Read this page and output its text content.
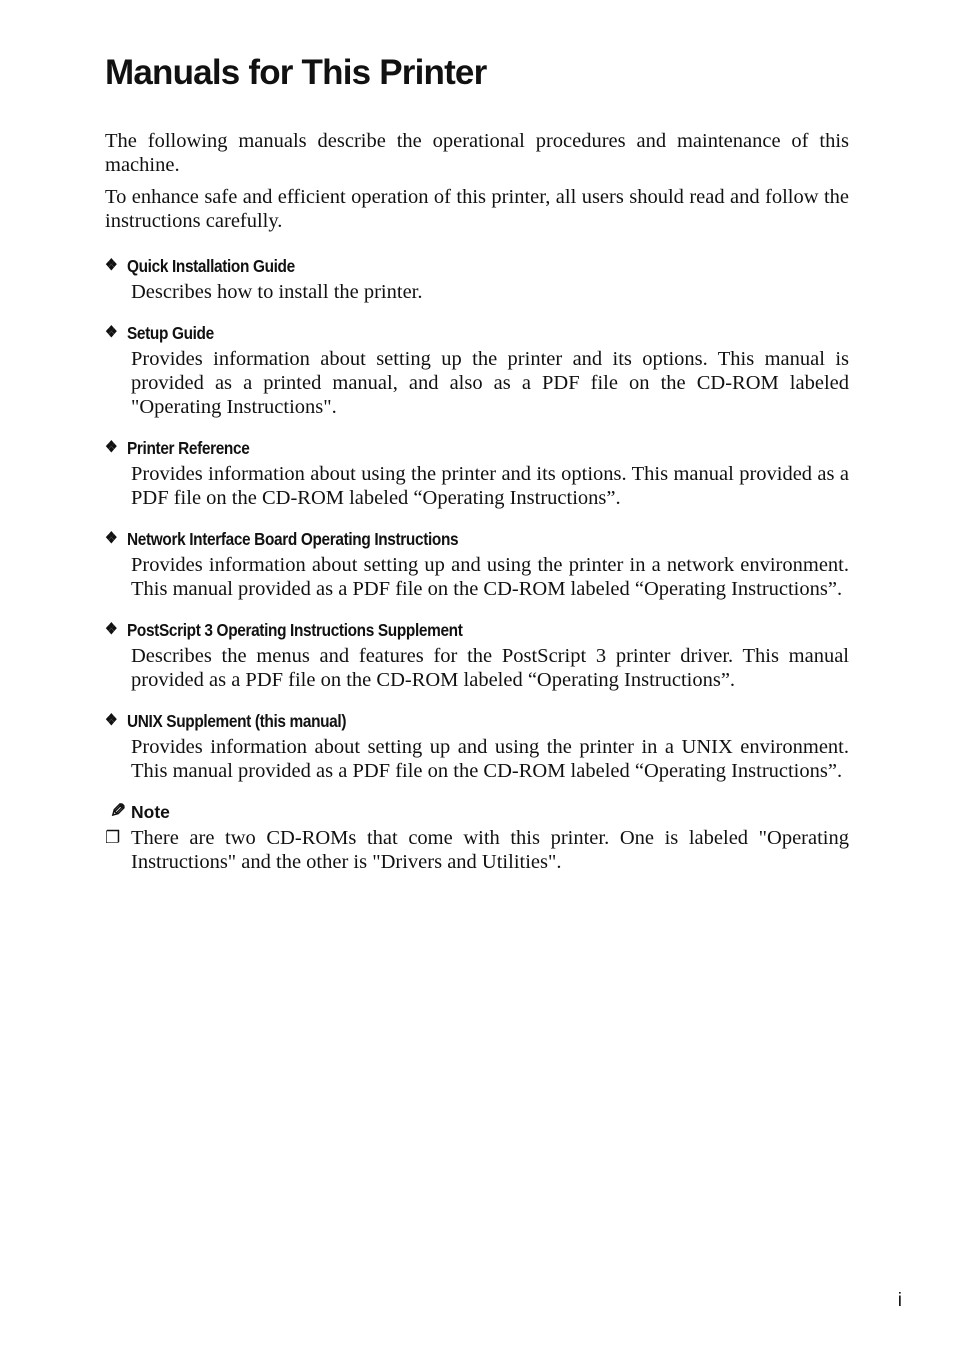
Manuals for This Printer

The following manuals describe the operational procedures and maintenance of this machine.

To enhance safe and efficient operation of this printer, all users should read and follow the instructions carefully.

❖ Quick Installation Guide
Describes how to install the printer.
❖ Setup Guide
Provides information about setting up the printer and its options. This manual is provided as a printed manual, and also as a PDF file on the CD-ROM labeled "Operating Instructions".
❖ Printer Reference
Provides information about using the printer and its options. This manual provided as a PDF file on the CD-ROM labeled “Operating Instructions”.
❖ Network Interface Board Operating Instructions
Provides information about setting up and using the printer in a network environment. This manual provided as a PDF file on the CD-ROM labeled “Operating Instructions”.
❖ PostScript 3 Operating Instructions Supplement
Describes the menus and features for the PostScript 3 printer driver. This manual provided as a PDF file on the CD-ROM labeled “Operating Instructions”.
❖ UNIX Supplement (this manual)
Provides information about setting up and using the printer in a UNIX environment. This manual provided as a PDF file on the CD-ROM labeled “Operating Instructions”.
✎ Note
❐ There are two CD-ROMs that come with this printer. One is labeled "Operating Instructions" and the other is "Drivers and Utilities".
i
